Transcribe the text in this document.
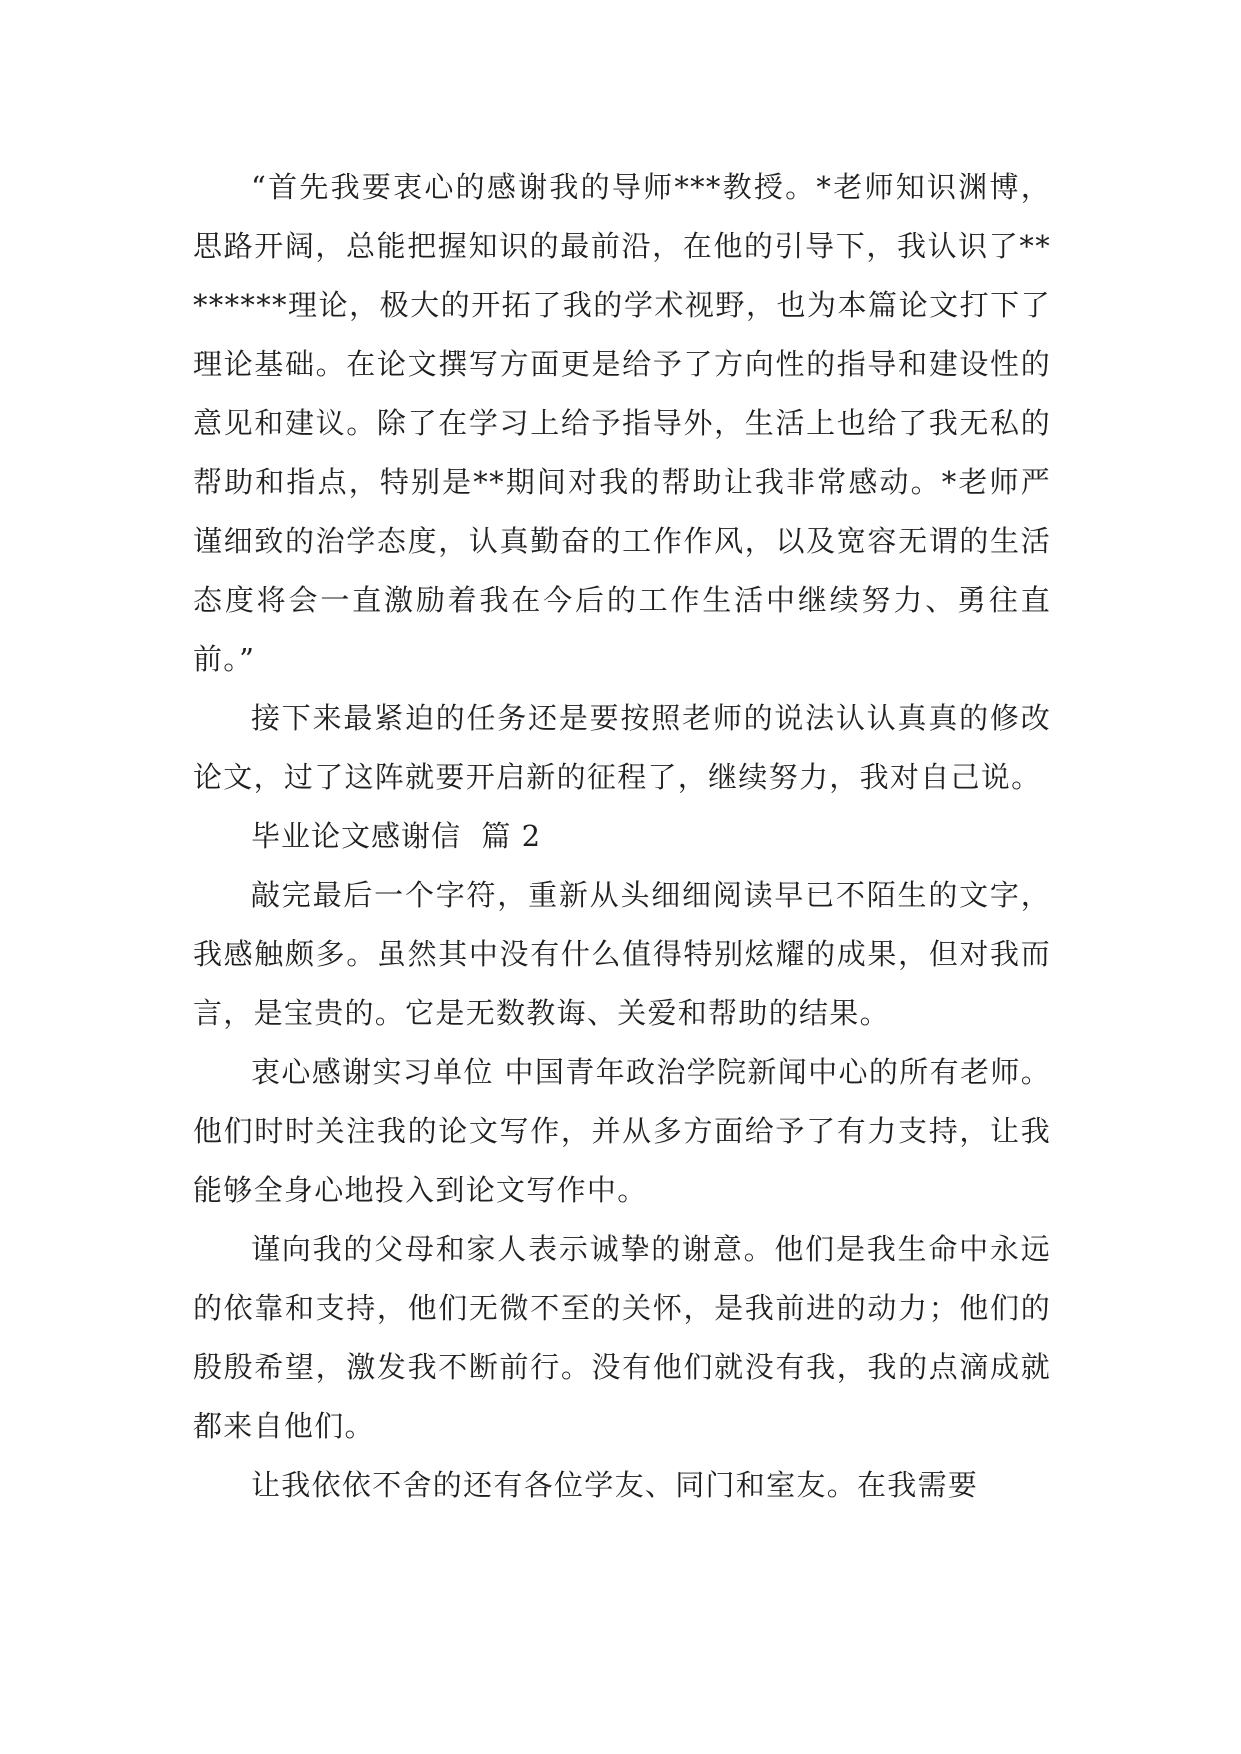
“首先我要衷心的感谢我的导师***教授。*老师知识渊博，思路开阔，总能把握知识的最前沿，在他的引导下，我认识了********理论，极大的开拓了我的学术视野，也为本篇论文打下了理论基础。在论文撰写方面更是给予了方向性的指导和建设性的意见和建议。除了在学习上给予指导外，生活上也给了我无私的帮助和指点，特别是**期间对我的帮助让我非常感动。*老师严谨细致的治学态度，认真勤奋的工作作风，以及宽容无谓的生活态度将会一直激励着我在今后的工作生活中继续努力、勇往直前。”

接下来最紧迫的任务还是要按照老师的说法认认真真的修改论文，过了这阵就要开启新的征程了，继续努力，我对自己说。

毕业论文感谢信  篇 2

敲完最后一个字符，重新从头细细阅读早已不陌生的文字，我感触颇多。虽然其中没有什么值得特别炫耀的成果，但对我而言，是宝贵的。它是无数教诲、关爱和帮助的结果。

衷心感谢实习单位 中国青年政治学院新闻中心的所有老师。他们时时关注我的论文写作，并从多方面给予了有力支持，让我能够全身心地投入到论文写作中。

谨向我的父母和家人表示诚挚的谢意。他们是我生命中永远的依靠和支持，他们无微不至的关怀，是我前进的动力；他们的殷殷希望，激发我不断前行。没有他们就没有我，我的点滴成就都来自他们。

让我依依不舍的还有各位学友、同门和室友。在我需要
